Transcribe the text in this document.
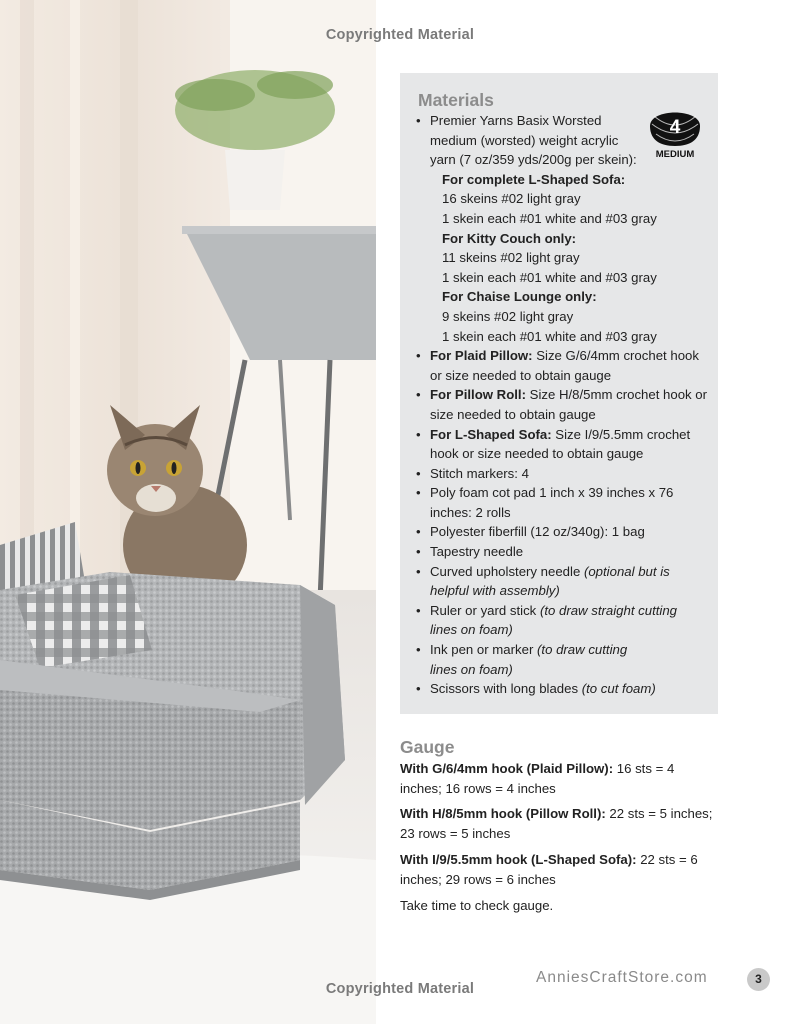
Copyrighted Material
Materials
4
MEDIUM
• Premier Yarns Basix Worsted medium (worsted) weight acrylic yarn (7 oz/359 yds/200g per skein):
For complete L-Shaped Sofa:
16 skeins #02 light gray
1 skein each #01 white and #03 gray
For Kitty Couch only:
11 skeins #02 light gray
1 skein each #01 white and #03 gray
For Chaise Lounge only:
9 skeins #02 light gray
1 skein each #01 white and #03 gray
• For Plaid Pillow: Size G/6/4mm crochet hook or size needed to obtain gauge
• For Pillow Roll: Size H/8/5mm crochet hook or size needed to obtain gauge
• For L-Shaped Sofa: Size I/9/5.5mm crochet hook or size needed to obtain gauge
• Stitch markers: 4
• Poly foam cot pad 1 inch x 39 inches x 76 inches: 2 rolls
• Polyester fiberfill (12 oz/340g): 1 bag
• Tapestry needle
• Curved upholstery needle (optional but is helpful with assembly)
• Ruler or yard stick (to draw straight cutting lines on foam)
• Ink pen or marker (to draw cutting lines on foam)
• Scissors with long blades (to cut foam)
Gauge
With G/6/4mm hook (Plaid Pillow): 16 sts = 4 inches; 16 rows = 4 inches
With H/8/5mm hook (Pillow Roll): 22 sts = 5 inches; 23 rows = 5 inches
With I/9/5.5mm hook (L-Shaped Sofa): 22 sts = 6 inches; 29 rows = 6 inches
Take time to check gauge.
AnniesCraftStore.com	3
Copyrighted Material
